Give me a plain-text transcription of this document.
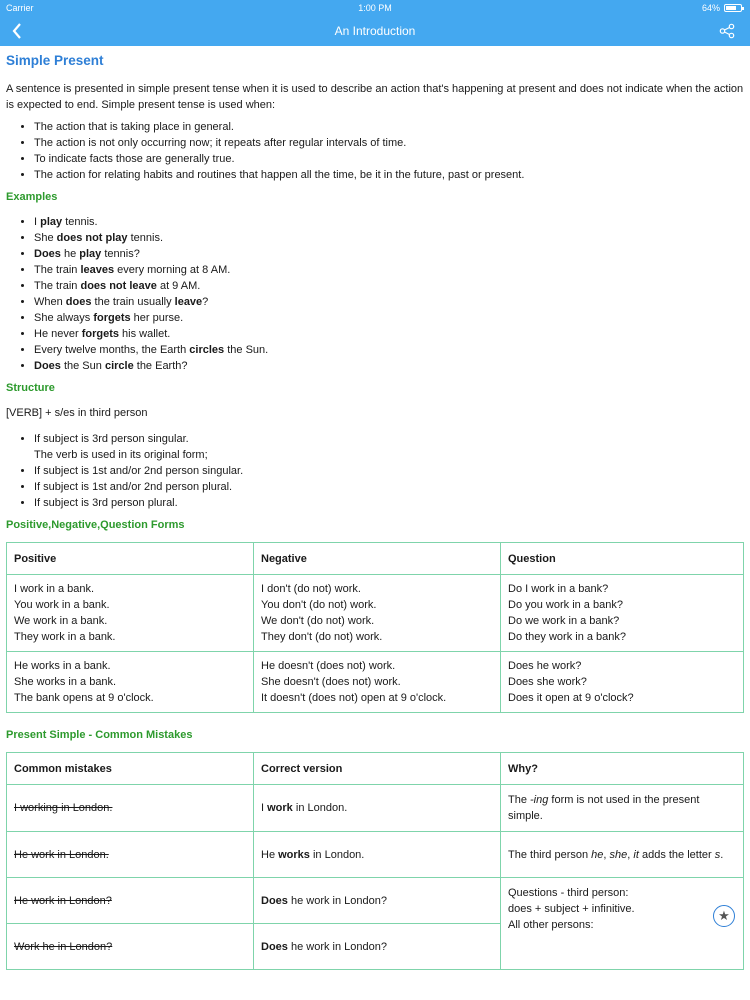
Carrier	1:00 PM	64%
An Introduction
Simple Present

A sentence is presented in simple present tense when it is used to describe an action that's happening at present and does not indicate when the action is expected to end. Simple present tense is used when:

• The action that is taking place in general.
• The action is not only occurring now; it repeats after regular intervals of time.
• To indicate facts those are generally true.
• The action for relating habits and routines that happen all the time, be it in the future, past or present.
Examples
• I play tennis.
• She does not play tennis.
• Does he play tennis?
• The train leaves every morning at 8 AM.
• The train does not leave at 9 AM.
• When does the train usually leave?
• She always forgets her purse.
• He never forgets his wallet.
• Every twelve months, the Earth circles the Sun.
• Does the Sun circle the Earth?
Structure
[VERB] + s/es in third person
• If subject is 3rd person singular.
The verb is used in its original form;
• If subject is 1st and/or 2nd person singular.
• If subject is 1st and/or 2nd person plural.
• If subject is 3rd person plural.
Positive,Negative,Question Forms
Positive	Negative	Question
I work in a bank.
You work in a bank.
We work in a bank.
They work in a bank.	I don't (do not) work.
You don't (do not) work.
We don't (do not) work.
They don't (do not) work.	Do I work in a bank?
Do you work in a bank?
Do we work in a bank?
Do they work in a bank?
He works in a bank.
She works in a bank.
The bank opens at 9 o'clock.	He doesn't (does not) work.
She doesn't (does not) work.
It doesn't (does not) open at 9 o'clock.	Does he work?
Does she work?
Does it open at 9 o'clock?
Present Simple - Common Mistakes
Common mistakes	Correct version	Why?
I working in London.	I work in London.	The -ing form is not used in the present simple.
He work in London.	He works in London.	The third person he, she, it adds the letter s.
He work in London?	Does he work in London?	Questions - third person:
does + subject + infinitive.
All other persons:
Work he in London?	Does he work in London?	
★
